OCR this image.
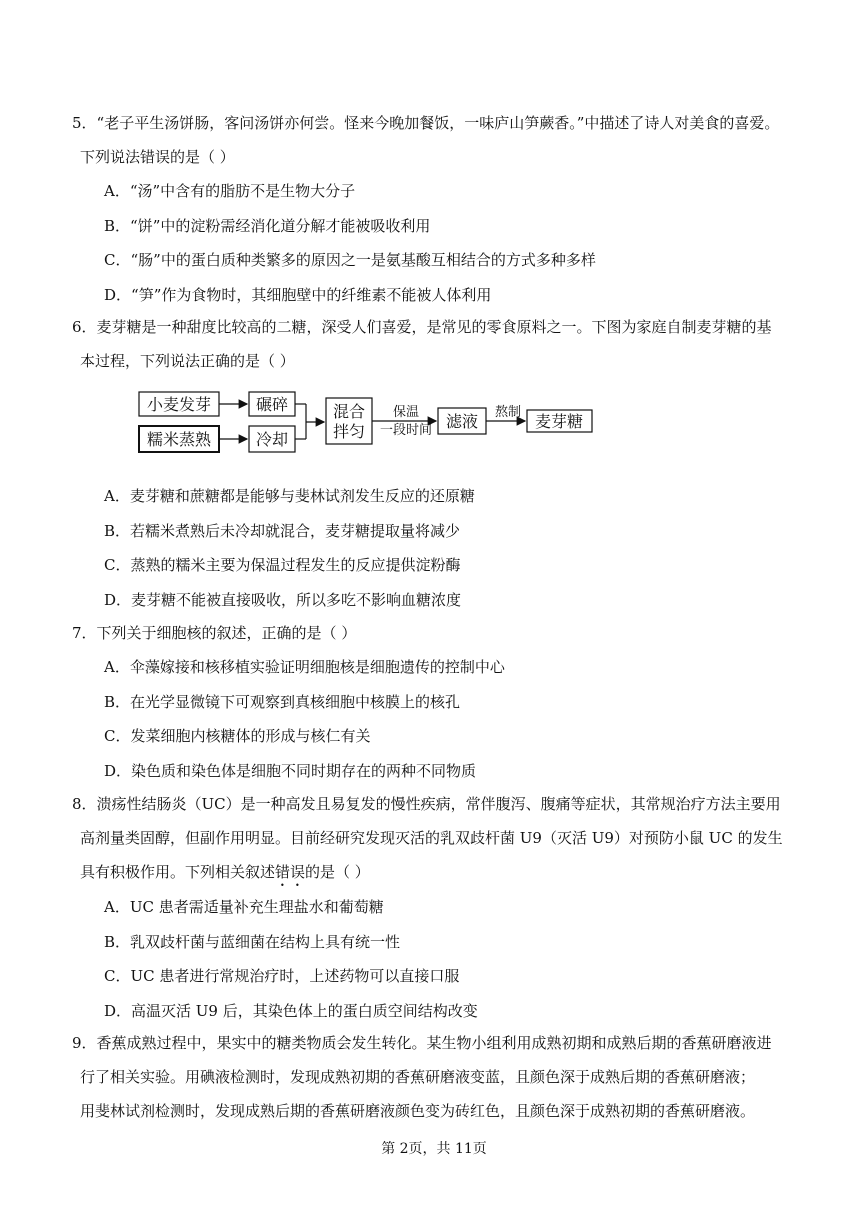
5．“老子平生汤饼肠，客问汤饼亦何尝。怪来今晚加餐饭，一味庐山笋蕨香。”中描述了诗人对美食的喜爱。
下列说法错误的是（ ）
A．“汤”中含有的脂肪不是生物大分子
B．“饼”中的淀粉需经消化道分解才能被吸收利用
C．“肠”中的蛋白质种类繁多的原因之一是氨基酸互相结合的方式多种多样
D．“笋”作为食物时，其细胞壁中的纤维素不能被人体利用
6．麦芽糖是一种甜度比较高的二糖，深受人们喜爱，是常见的零食原料之一。下图为家庭自制麦芽糖的基
本过程，下列说法正确的是（ ）
小麦发芽	碾碎
糯米蒸熟	冷却
混合
拌匀
保温
一段时间 滤液 熬制 麦芽糖
A．麦芽糖和蔗糖都是能够与斐林试剂发生反应的还原糖
B．若糯米煮熟后未冷却就混合，麦芽糖提取量将减少
C．蒸熟的糯米主要为保温过程发生的反应提供淀粉酶
D．麦芽糖不能被直接吸收，所以多吃不影响血糖浓度
7．下列关于细胞核的叙述，正确的是（ ）
A．伞藻嫁接和核移植实验证明细胞核是细胞遗传的控制中心
B．在光学显微镜下可观察到真核细胞中核膜上的核孔
C．发菜细胞内核糖体的形成与核仁有关
D．染色质和染色体是细胞不同时期存在的两种不同物质
8．溃疡性结肠炎（UC）是一种高发且易复发的慢性疾病，常伴腹泻、腹痛等症状，其常规治疗方法主要用
高剂量类固醇，但副作用明显。目前经研究发现灭活的乳双歧杆菌 U9（灭活 U9）对预防小鼠 UC 的发生
具有积极作用。下列相关叙述错误的是（ ）
A．UC 患者需适量补充生理盐水和葡萄糖
B．乳双歧杆菌与蓝细菌在结构上具有统一性
C．UC 患者进行常规治疗时，上述药物可以直接口服
D．高温灭活 U9 后，其染色体上的蛋白质空间结构改变
9．香蕉成熟过程中，果实中的糖类物质会发生转化。某生物小组利用成熟初期和成熟后期的香蕉研磨液进
行了相关实验。用碘液检测时，发现成熟初期的香蕉研磨液变蓝，且颜色深于成熟后期的香蕉研磨液；
用斐林试剂检测时，发现成熟后期的香蕉研磨液颜色变为砖红色，且颜色深于成熟初期的香蕉研磨液。
第 2页，共 11页
